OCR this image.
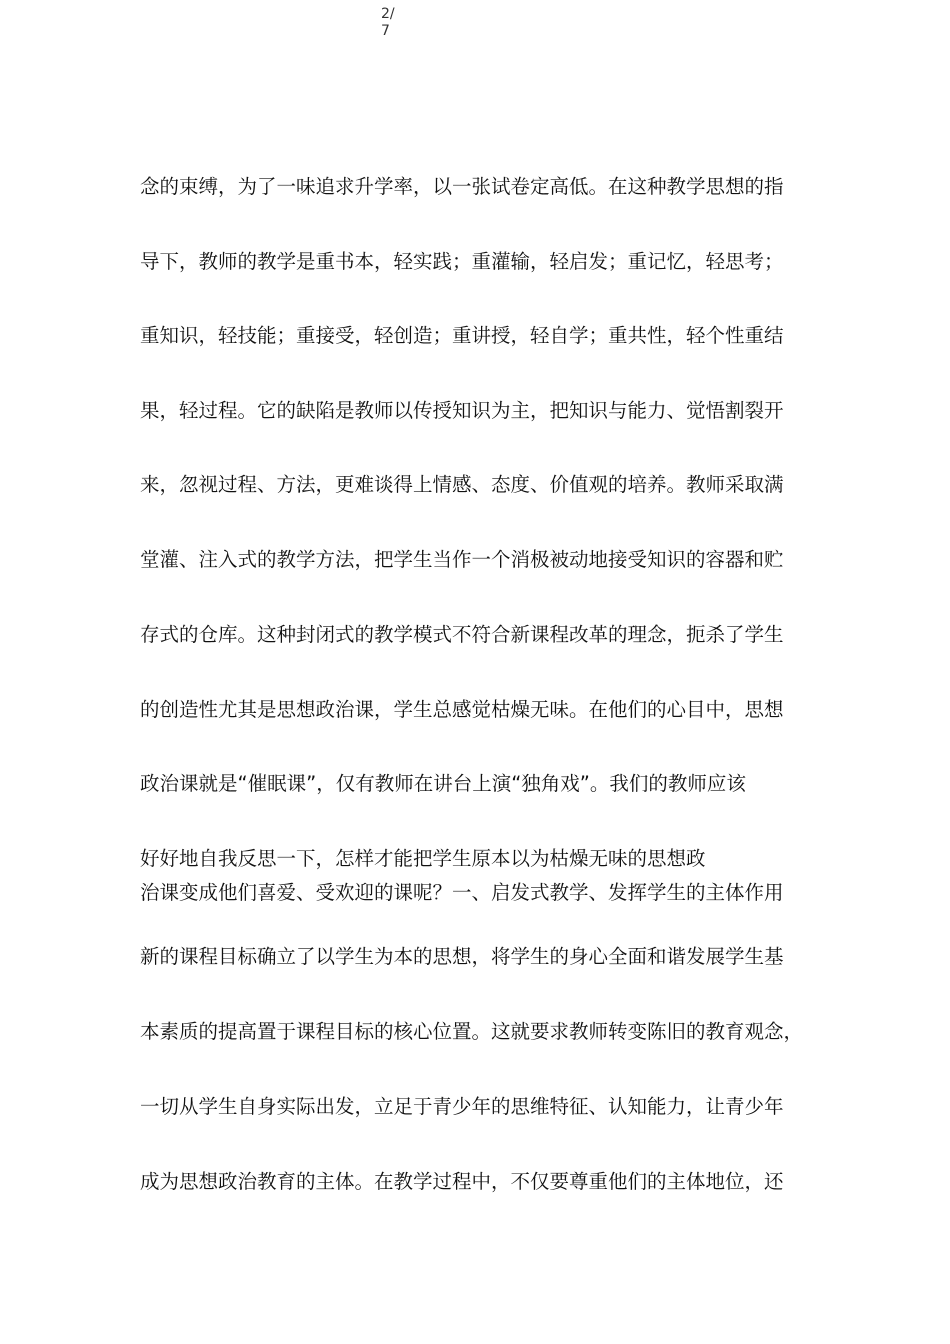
2/
7
念的束缚，为了一味追求升学率，以一张试卷定高低。在这种教学思想的指
导下，教师的教学是重书本，轻实践；重灌输，轻启发；重记忆，轻思考；
重知识，轻技能；重接受，轻创造；重讲授，轻自学；重共性，轻个性重结
果，轻过程。它的缺陷是教师以传授知识为主，把知识与能力、觉悟割裂开
来，忽视过程、方法，更难谈得上情感、态度、价值观的培养。教师采取满
堂灌、注入式的教学方法，把学生当作一个消极被动地接受知识的容器和贮
存式的仓库。这种封闭式的教学模式不符合新课程改革的理念，扼杀了学生
的创造性尤其是思想政治课，学生总感觉枯燥无味。在他们的心目中，思想
政治课就是“催眠课”，仅有教师在讲台上演“独角戏”。我们的教师应该
好好地自我反思一下，怎样才能把学生原本以为枯燥无味的思想政
治课变成他们喜爱、受欢迎的课呢？一、启发式教学、发挥学生的主体作用
新的课程目标确立了以学生为本的思想，将学生的身心全面和谐发展学生基
本素质的提高置于课程目标的核心位置。这就要求教师转变陈旧的教育观念，
一切从学生自身实际出发，立足于青少年的思维特征、认知能力，让青少年
成为思想政治教育的主体。在教学过程中，不仅要尊重他们的主体地位，还
